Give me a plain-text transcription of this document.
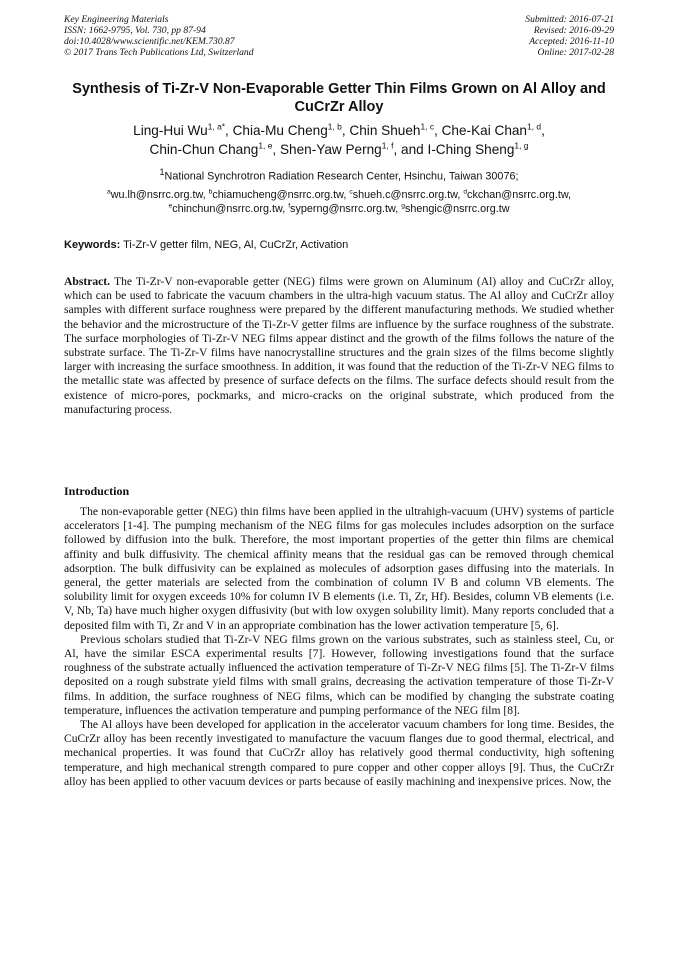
Key Engineering Materials
ISSN: 1662-9795, Vol. 730, pp 87-94
doi:10.4028/www.scientific.net/KEM.730.87
© 2017 Trans Tech Publications Ltd, Switzerland
Submitted: 2016-07-21
Revised: 2016-09-29
Accepted: 2016-11-10
Online: 2017-02-28
Synthesis of Ti-Zr-V Non-Evaporable Getter Thin Films Grown on Al Alloy and CuCrZr Alloy
Ling-Hui $Wu^{1, a*}$, Chia-Mu Cheng$^{1, b}$, Chin Shueh$^{1, c}$, Che-Kai Chan$^{1, d}$,
Chin-Chun Chang$^{1, e}$, Shen-Yaw Perng$^{1, f}$, and I-Ching Sheng$^{1, g}$
$^1$National Synchrotron Radiation Research Center, Hsinchu, Taiwan 30076;
$^a$wu.lh@nsrrc.org.tw, $^b$chiamucheng@nsrrc.org.tw, $^c$shueh.c@nsrrc.org.tw, $^d$ckchan@nsrrc.org.tw,
$^e$chinchun@nsrrc.org.tw, $^f$syperng@nsrrc.org.tw, $^g$shengic@nsrrc.org.tw
Keywords: Ti-Zr-V getter film, NEG, Al, CuCrZr, Activation

Abstract. The Ti-Zr-V non-evaporable getter (NEG) films were grown on Aluminum (Al) alloy and CuCrZr alloy, which can be used to fabricate the vacuum chambers in the ultra-high vacuum status. The Al alloy and CuCrZr alloy samples with different surface roughness were prepared by the different manufacturing methods. We studied whether the behavior and the microstructure of the Ti-Zr-V getter films are influence by the surface roughness of the substrate. The surface morphologies of Ti-Zr-V NEG films appear distinct and the growth of the films follows the nature of the substrate surface. The Ti-Zr-V films have nanocrystalline structures and the grain sizes of the films become slightly larger with increasing the surface smoothness. In addition, it was found that the reduction of the Ti-Zr-V NEG films to the metallic state was affected by presence of surface defects on the films. The surface defects should result from the existence of micro-pores, pockmarks, and micro-cracks on the original substrate, which produced from the manufacturing process.

Introduction

The non-evaporable getter (NEG) thin films have been applied in the ultrahigh-vacuum (UHV) systems of particle accelerators [1-4]. The pumping mechanism of the NEG films for gas molecules includes adsorption on the surface followed by diffusion into the bulk. Therefore, the most important properties of the getter thin films are chemical affinity and bulk diffusivity. The chemical affinity means that the residual gas can be removed through chemical adsorption. The bulk diffusivity can be explained as molecules of adsorption gases diffusing into the materials. In general, the getter materials are selected from the combination of column IV B and column VB elements. The solubility limit for oxygen exceeds 10% for column IV B elements (i.e. Ti, Zr, Hf). Besides, column VB elements (i.e. V, Nb, Ta) have much higher oxygen diffusivity (but with low oxygen solubility limit). Many reports concluded that a deposited film with Ti, Zr and V in an appropriate combination has the lower activation temperature [5, 6].

Previous scholars studied that Ti-Zr-V NEG films grown on the various substrates, such as stainless steel, Cu, or Al, have the similar ESCA experimental results [7]. However, following investigations found that the surface roughness of the substrate actually influenced the activation temperature of Ti-Zr-V NEG films [5]. The Ti-Zr-V films deposited on a rough substrate yield films with small grains, decreasing the activation temperature of those Ti-Zr-V films. In addition, the surface roughness of NEG films, which can be modified by changing the substrate coating temperature, influences the activation temperature and pumping performance of the NEG film [8].

The Al alloys have been developed for application in the accelerator vacuum chambers for long time. Besides, the CuCrZr alloy has been recently investigated to manufacture the vacuum flanges due to good thermal, electrical, and mechanical properties. It was found that CuCrZr alloy has relatively good thermal conductivity, high softening temperature, and high mechanical strength compared to pure copper and other copper alloys [9]. Thus, the CuCrZr alloy has been applied to other vacuum devices or parts because of easily machining and inexpensive prices. Now, the
